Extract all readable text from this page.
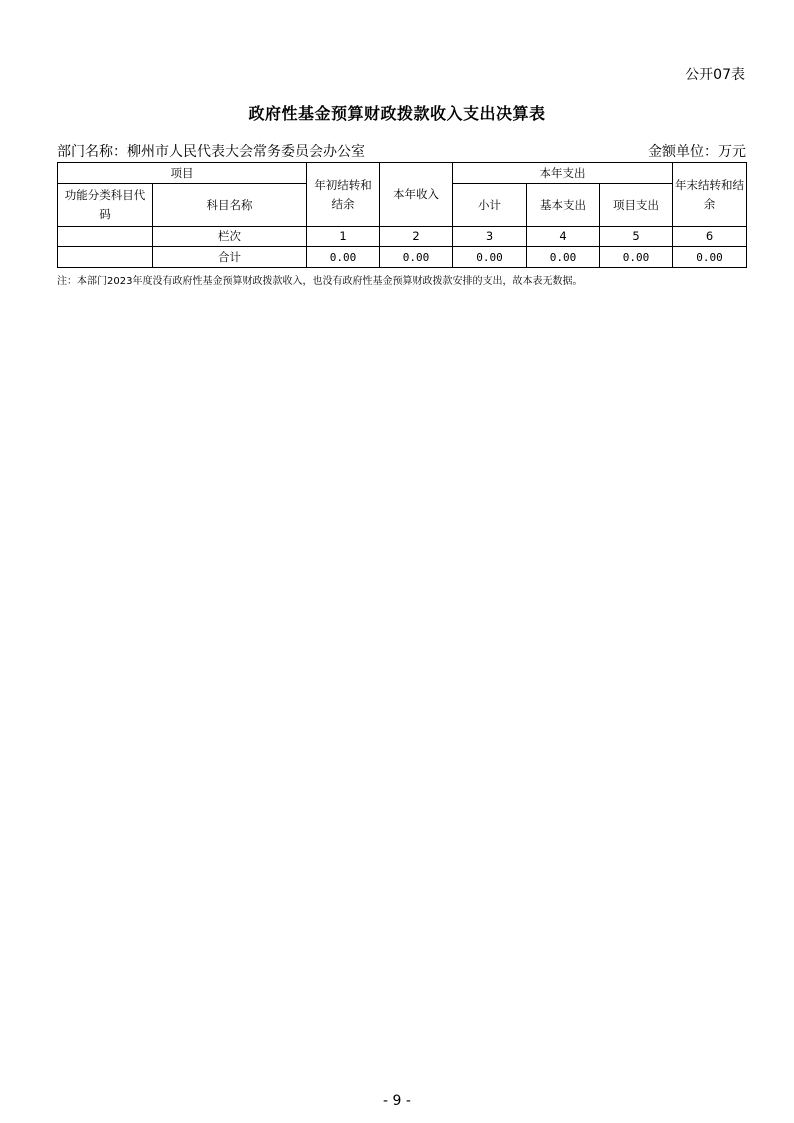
公开07表
政府性基金预算财政拨款收入支出决算表
部门名称：柳州市人民代表大会常务委员会办公室	金额单位：万元
项目		年初结转和结余	本年收入	本年支出			年末结转和结余
功能分类科目代码	科目名称			小计	基本支出	项目支出	
	栏次	1	2	3	4	5	6
	合计	0.00	0.00	0.00	0.00	0.00	0.00
注：本部门2023年度没有政府性基金预算财政拨款收入，也没有政府性基金预算财政拨款安排的支出，故本表无数据。
- 9 -
